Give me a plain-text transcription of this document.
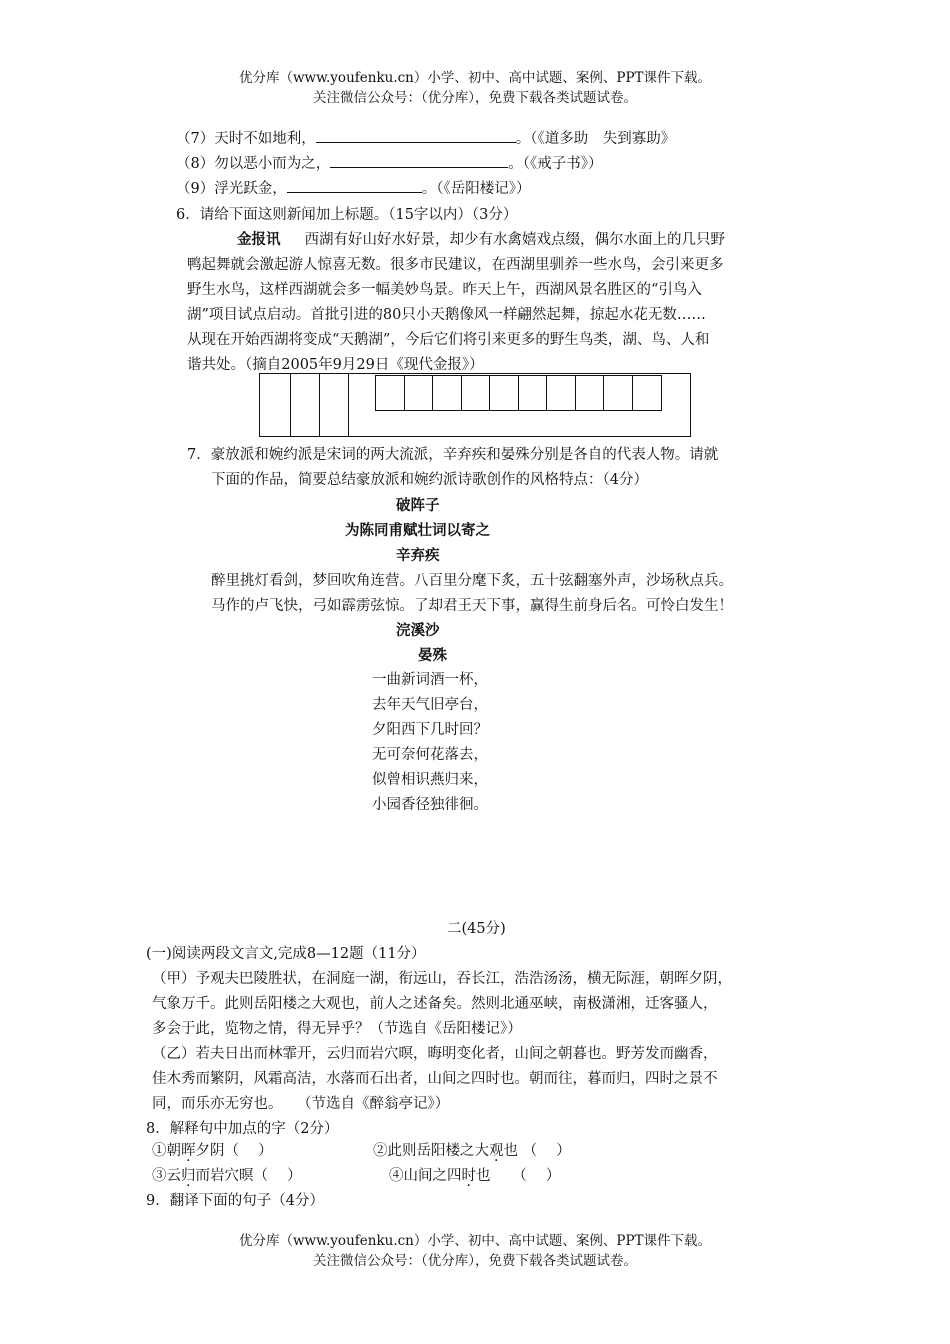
优分库（www.youfenku.cn）小学、初中、高中试题、案例、PPT课件下载。
关注微信公众号：（优分库），免费下载各类试题试卷。
（7）天时不如地利，	。（《道多助　失到寡助》
（8）勿以恶小而为之，	。（《戒子书》）
（9）浮光跃金，	。（《岳阳楼记》）
6．请给下面这则新闻加上标题。（15字以内）（3分）
金报讯 西湖有好山好水好景，却少有水禽嬉戏点缀，偶尔水面上的几只野
鸭起舞就会激起游人惊喜无数。很多市民建议，在西湖里驯养一些水鸟，会引来更多
野生水鸟，这样西湖就会多一幅美妙鸟景。昨天上午，西湖风景名胜区的“引鸟入
湖”项目试点启动。首批引进的80只小天鹅像风一样翩然起舞，掠起水花无数……
从现在开始西湖将变成“天鹅湖”，今后它们将引来更多的野生鸟类，湖、鸟、人和
谐共处。（摘自2005年9月29日《现代金报》）
7．豪放派和婉约派是宋词的两大流派，辛弃疾和晏殊分别是各自的代表人物。请就
下面的作品，简要总结豪放派和婉约派诗歌创作的风格特点：（4分）
破阵子
为陈同甫赋壮词以寄之
辛弃疾
醉里挑灯看剑，梦回吹角连营。八百里分麾下炙，五十弦翻塞外声，沙场秋点兵。
马作的卢飞快，弓如霹雳弦惊。了却君王天下事，赢得生前身后名。可怜白发生！
浣溪沙
晏殊
一曲新词酒一杯，
去年天气旧亭台，
夕阳西下几时回？
无可奈何花落去，
似曾相识燕归来，
小园香径独徘徊。
二(45分)
(一)阅读两段文言文,完成8—12题（11分）
（甲）予观夫巴陵胜状，在洞庭一湖，衔远山，吞长江，浩浩汤汤，横无际涯，朝晖夕阴，
气象万千。此则岳阳楼之大观也，前人之述备矣。然则北通巫峡，南极潇湘，迁客骚人，
多会于此，览物之情，得无异乎？（节选自《岳阳楼记》）
（乙）若夫日出而林霏开，云归而岩穴暝，晦明变化者，山间之朝暮也。野芳发而幽香，
佳木秀而繁阴，风霜高洁，水落而石出者，山间之四时也。朝而往，暮而归，四时之景不
同，而乐亦无穷也。　　（节选自《醉翁亭记》）
8．解释句中加点的字（2分）
①朝晖夕阴（　 ）	②此则岳阳楼之大观也 （　 ）
③云归而岩穴暝（　 ）	④山间之四时也　　（　 ）
9．翻译下面的句子（4分）
优分库（www.youfenku.cn）小学、初中、高中试题、案例、PPT课件下载。
关注微信公众号：（优分库），免费下载各类试题试卷。
